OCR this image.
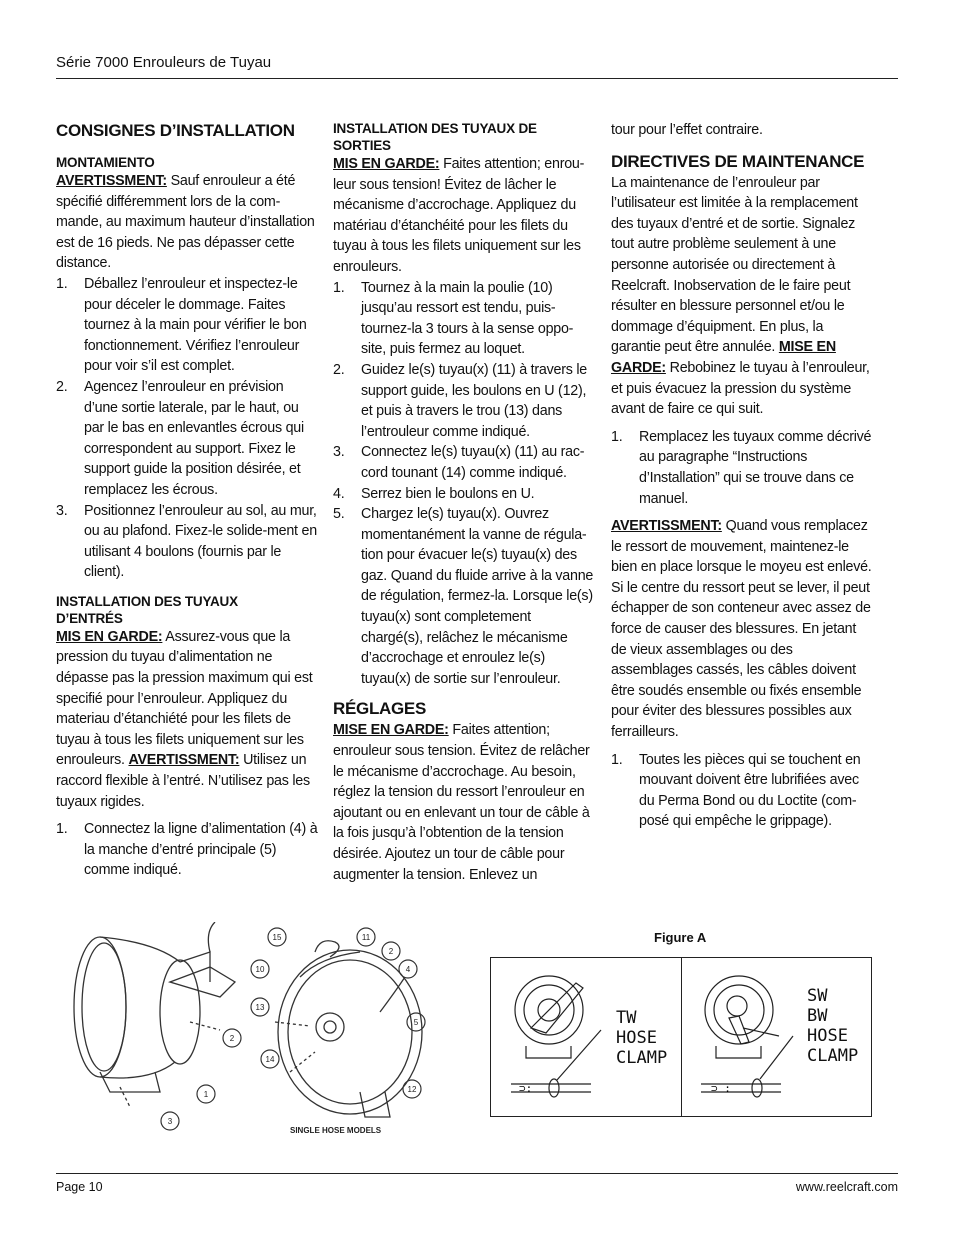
Série 7000 Enrouleurs de Tuyau
CONSIGNES D’INSTALLATION
MONTAMIENTO

AVERTISSMENT: Sauf enrouleur a été spécifié différemment lors de la com-mande, au maximum hauteur d’installation est de 16 pieds. Ne pas dépasser cette distance.

1. Déballez l’enrouleur et inspectez-le pour déceler le dommage. Faites tournez à la main pour vérifier le bon fonctionnement. Vérifiez l’enrouleur pour voir s’il est complet.
2. Agencez l’enrouleur en prévision d’une sortie laterale, par le haut, ou par le bas en enlevantles écrous qui correspondent au support. Fixez le support guide la position désirée, et remplacez les écrous.
3. Positionnez l’enrouleur au sol, au mur, ou au plafond. Fixez-le solide-ment en utilisant 4 boulons (fournis par le client).
INSTALLATION DES TUYAUX D’ENTRÉS

MIS EN GARDE: Assurez-vous que la pression du tuyau d’alimentation ne dépasse pas la pression maximum qui est specifié pour l’enrouleur. Appliquez du materiau d’étanchiété pour les filets de tuyau à tous les filets uniquement sur les enrouleurs. AVERTISSMENT: Utilisez un raccord flexible à l’entré. N’utilisez pas les tuyaux rigides.

1. Connectez la ligne d’alimentation (4) à la manche d’entré principale (5) comme indiqué.
INSTALLATION DES TUYAUX DE SORTIES

MIS EN GARDE: Faites attention; enrou-leur sous tension! Évitez de lâcher le mécanisme d’accrochage. Appliquez du matériau d’étanchéité pour les filets du tuyau à tous les filets uniquement sur les enrouleurs.

1. Tournez à la main la poulie (10) jusqu’au ressort est tendu, puis-tournez-la 3 tours à la sense oppo-site, puis fermez au loquet.
2. Guidez le(s) tuyau(x) (11) à travers le support guide, les boulons en U (12), et puis à travers le trou (13) dans l’entrouleur comme indiqué.
3. Connectez le(s) tuyau(x) (11) au rac-cord tounant (14) comme indiqué.
4. Serrez bien le boulons en U.
5. Chargez le(s) tuyau(x). Ouvrez momentanément la vanne de régula-tion pour évacuer le(s) tuyau(x) des gaz. Quand du fluide arrive à la vanne de régulation, fermez-la. Lorsque le(s) tuyau(x) sont completement chargé(s), relâchez le mécanisme d’accrochage et enroulez le(s) tuyau(x) de sortie sur l’enrouleur.
RÉGLAGES

MISE EN GARDE: Faites attention; enrouleur sous tension. Évitez de relâcher le mécanisme d’accrochage. Au besoin, réglez la tension du ressort l’enrouleur en ajoutant ou en enlevant un tour de câble à la fois jusqu’à l’obtention de la tension désirée. Ajoutez un tour de câble pour augmenter la tension. Enlevez un

tour pour l’effet contraire.

DIRECTIVES DE MAINTENANCE

La maintenance de l’enrouleur par l’utilisateur est limitée à la remplacement des tuyaux d’entré et de sortie. Signalez tout autre problème seulement à une personne autorisée ou directement à Reelcraft. Inobservation de le faire peut résulter en blessure personnel et/ou le dommage d’équipment. En plus, la garantie peut être annulée. MISE EN GARDE: Rebobinez le tuyau à l’enrouleur, et puis évacuez la pression du système avant de faire ce qui suit.

1. Remplacez les tuyaux comme décrivé au paragraphe “Instructions d’Installation” qui se trouve dans ce manuel.

AVERTISSMENT: Quand vous remplacez le ressort de mouvement, maintenez-le bien en place lorsque le moyeu est enlevé. Si le centre du ressort peut se lever, il peut échapper de son conteneur avec assez de force de causer des blessures. En jetant de vieux assemblages ou des assemblages cassés, les câbles doivent être soudés ensemble ou fixés ensemble pour éviter des blessures possibles aux ferrailleurs.

1. Toutes les pièces qui se touchent en mouvant doivent être lubrifiées avec du Perma Bond ou du Loctite (com-posé qui empêche le grippage).
15	11
2
10	4
13
5
2
14
12
1
3
SINGLE HOSE MODELS
Figure A
⊃:
TW
HOSE
CLAMP
⊃ :
SW
BW
HOSE
CLAMP
Page 10	www.reelcraft.com
